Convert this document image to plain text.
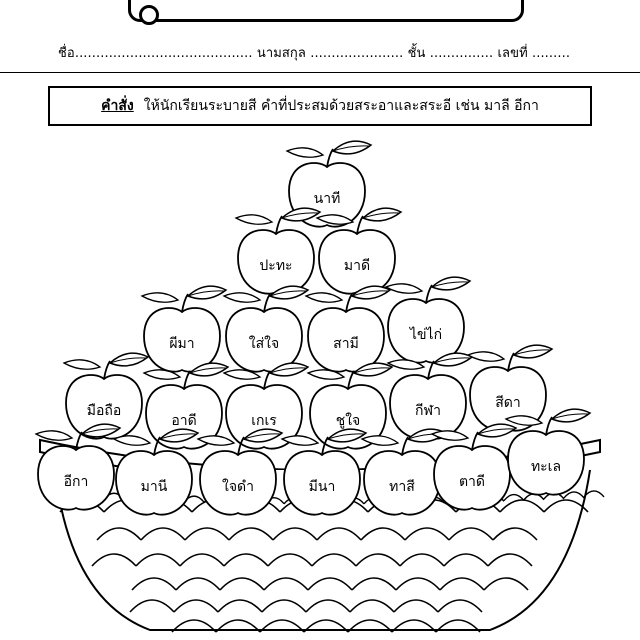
ชื่อ.......................................... นามสกุล ...................... ชั้น ............... เลขที่ .........
คำสั่ง ให้นักเรียนระบายสี คำที่ประสมด้วยสระอาและสระอี เช่น มาลี อีกา
นาที
ปะทะ	มาดี
ผีมา	ใส่ใจ	สามี
ไข่ไก่
มือถือ
อาดี	เกเร	ชูใจ
กีฬา	สีดา
อีกา	มานี	ใจดำ	มีนา	ทาสี	ตาดี
ทะเล
